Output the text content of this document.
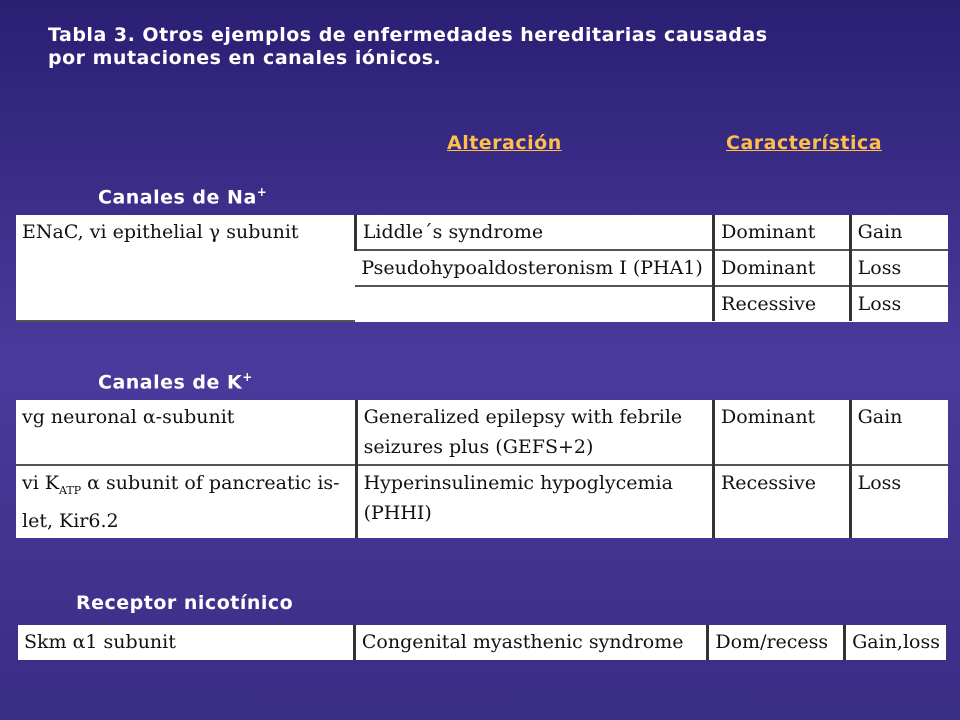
Tabla 3. Otros ejemplos de enfermedades hereditarias causadas
por mutaciones en canales iónicos.
Alteración	Característica
Canales de Na+
ENaC, vi epithelial γ subunit	Liddle´s syndrome	Dominant	Gain
	Pseudohypoaldosteronism I (PHA1)	Dominant	Loss
		Recessive	Loss
Canales de K+
vg neuronal α-subunit	Generalized epilepsy with febrile seizures plus (GEFS+2)	Dominant	Gain
vi $K_{ATP}$ α subunit of pancreatic is-let, Kir6.2	Hyperinsulinemic hypoglycemia (PHHI)	Recessive	Loss
Receptor nicotínico
Skm α1 subunit	Congenital myasthenic syndrome	Dom/recess	Gain,loss
